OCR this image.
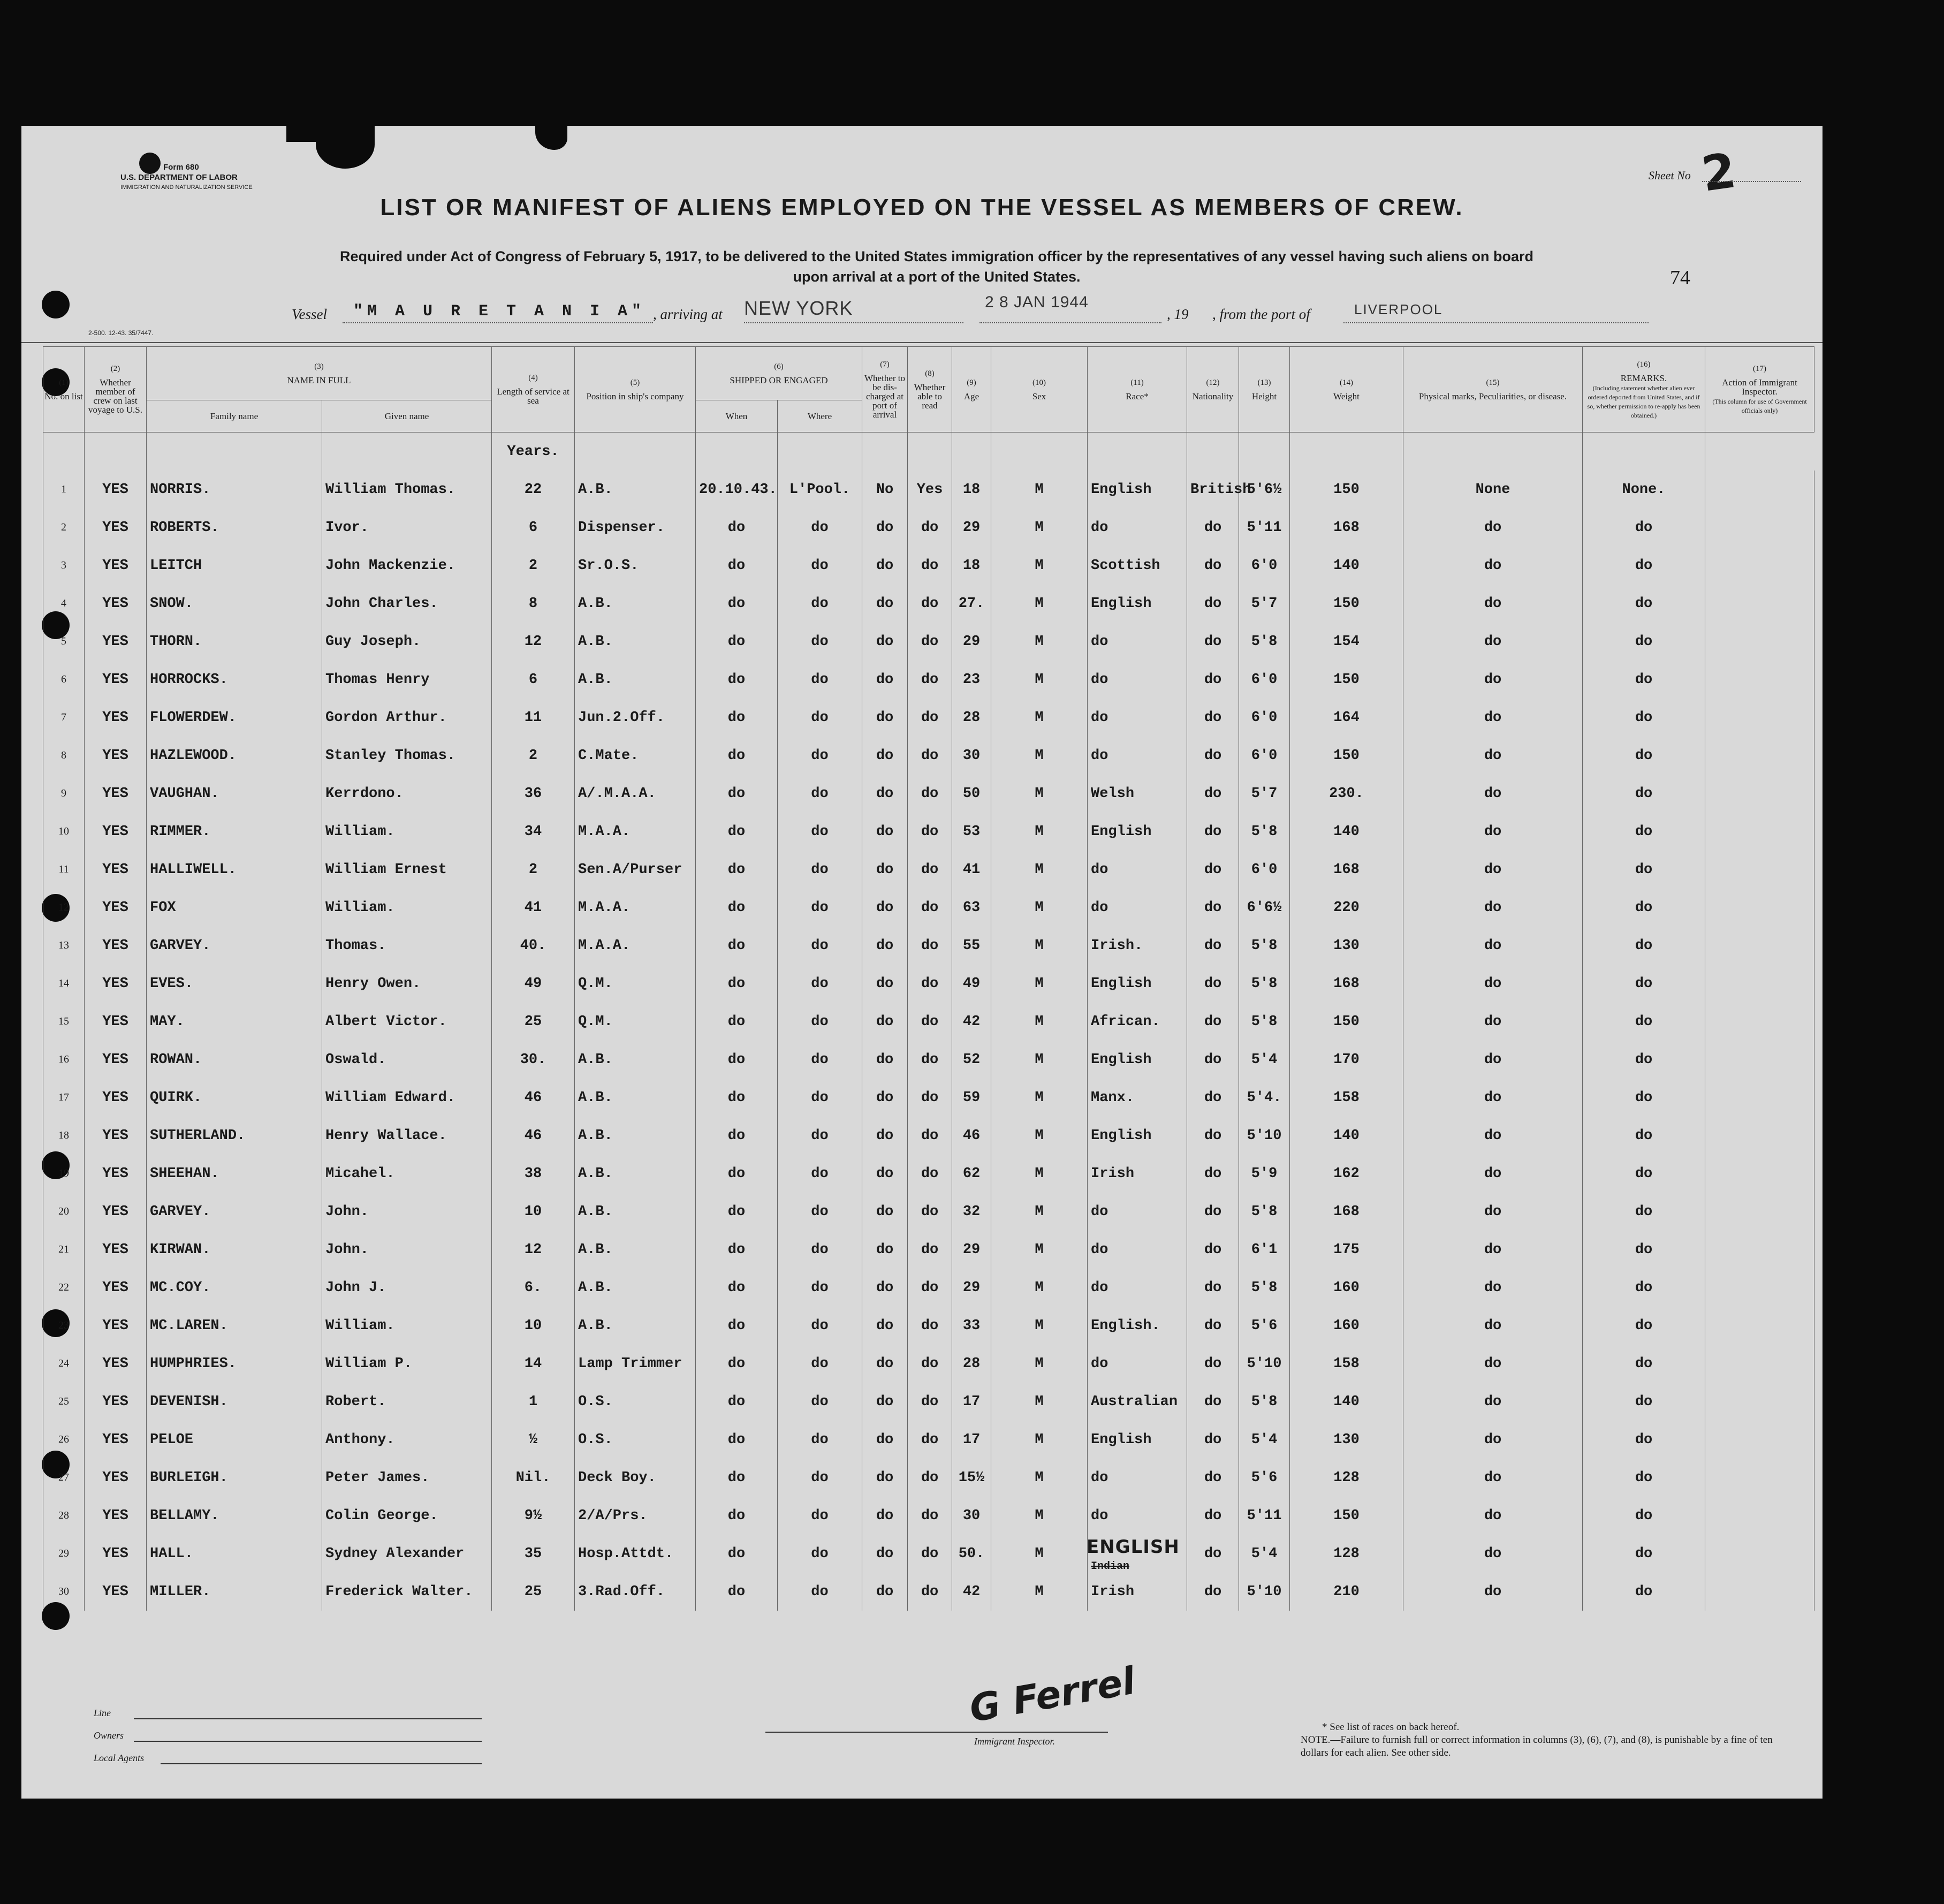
Form 680
U.S. DEPARTMENT OF LABOR
IMMIGRATION AND NATURALIZATION SERVICE
Sheet No 2
LIST OR MANIFEST OF ALIENS EMPLOYED ON THE VESSEL AS MEMBERS OF CREW.
Required under Act of Congress of February 5, 1917, to be delivered to the United States immigration officer by the representatives of any vessel having such aliens on board
upon arrival at a port of the United States.	74
Vessel "M A U R E T A N I A" , arriving at NEW YORK	2 8 JAN 1944
, 19 , from the port of	LIVERPOOL
2-500. 12-43. 35/7447.
(1)
No. on list	(2)
Whether member of crew on last voyage to U.S.	(3)
NAME IN FULL		(4)
Length of service at sea	(5)
Position in ship's company	(6)
SHIPPED OR ENGAGED		(7)
Whether to be dis-charged at port of arrival	(8)
Whether able to read	(9)
Age	(10)
Sex	(11)
Race*	(12)
Nationality	(13)
Height	(14)
Weight	(15)
Physical marks, Peculiarities, or disease.	(16)
REMARKS.
(Including statement whether alien ever ordered deported from United States, and if so, whether permission to re-apply has been obtained.)	(17)
Action of Immigrant Inspector.
(This column for use of Government officials only)
		Family name	Given name			When	Where											
				Years.														
1	YES	NORRIS.	William Thomas.	22	A.B.	20.10.43.	L'Pool.	No	Yes	18	M	English	British	5'6½	150	None	None.	
2	YES	ROBERTS.	Ivor.	6	Dispenser.	do	do	do	do	29	M	do	do	5'11	168	do	do	
3	YES	LEITCH	John Mackenzie.	2	Sr.O.S.	do	do	do	do	18	M	Scottish	do	6'0	140	do	do	
4	YES	SNOW.	John Charles.	8	A.B.	do	do	do	do	27.	M	English	do	5'7	150	do	do	
5	YES	THORN.	Guy Joseph.	12	A.B.	do	do	do	do	29	M	do	do	5'8	154	do	do	
6	YES	HORROCKS.	Thomas Henry	6	A.B.	do	do	do	do	23	M	do	do	6'0	150	do	do	
7	YES	FLOWERDEW.	Gordon Arthur.	11	Jun.2.Off.	do	do	do	do	28	M	do	do	6'0	164	do	do	
8	YES	HAZLEWOOD.	Stanley Thomas.	2	C.Mate.	do	do	do	do	30	M	do	do	6'0	150	do	do	
9	YES	VAUGHAN.	Kerrdono.	36	A/.M.A.A.	do	do	do	do	50	M	Welsh	do	5'7	230.	do	do	
10	YES	RIMMER.	William.	34	M.A.A.	do	do	do	do	53	M	English	do	5'8	140	do	do	
11	YES	HALLIWELL.	William Ernest	2	Sen.A/Purser	do	do	do	do	41	M	do	do	6'0	168	do	do	
12	YES	FOX	William.	41	M.A.A.	do	do	do	do	63	M	do	do	6'6½	220	do	do	
13	YES	GARVEY.	Thomas.	40.	M.A.A.	do	do	do	do	55	M	Irish.	do	5'8	130	do	do	
14	YES	EVES.	Henry Owen.	49	Q.M.	do	do	do	do	49	M	English	do	5'8	168	do	do	
15	YES	MAY.	Albert Victor.	25	Q.M.	do	do	do	do	42	M	African.	do	5'8	150	do	do	
16	YES	ROWAN.	Oswald.	30.	A.B.	do	do	do	do	52	M	English	do	5'4	170	do	do	
17	YES	QUIRK.	William Edward.	46	A.B.	do	do	do	do	59	M	Manx.	do	5'4.	158	do	do	
18	YES	SUTHERLAND.	Henry Wallace.	46	A.B.	do	do	do	do	46	M	English	do	5'10	140	do	do	
19	YES	SHEEHAN.	Micahel.	38	A.B.	do	do	do	do	62	M	Irish	do	5'9	162	do	do	
20	YES	GARVEY.	John.	10	A.B.	do	do	do	do	32	M	do	do	5'8	168	do	do	
21	YES	KIRWAN.	John.	12	A.B.	do	do	do	do	29	M	do	do	6'1	175	do	do	
22	YES	MC.COY.	John J.	6.	A.B.	do	do	do	do	29	M	do	do	5'8	160	do	do	
23	YES	MC.LAREN.	William.	10	A.B.	do	do	do	do	33	M	English.	do	5'6	160	do	do	
24	YES	HUMPHRIES.	William P.	14	Lamp Trimmer	do	do	do	do	28	M	do	do	5'10	158	do	do	
25	YES	DEVENISH.	Robert.	1	O.S.	do	do	do	do	17	M	Australian	do	5'8	140	do	do	
26	YES	PELOE	Anthony.	½	O.S.	do	do	do	do	17	M	English	do	5'4	130	do	do	
27	YES	BURLEIGH.	Peter James.	Nil.	Deck Boy.	do	do	do	do	15½	M	do	do	5'6	128	do	do	
28	YES	BELLAMY.	Colin George.	9½	2/A/Prs.	do	do	do	do	30	M	do	do	5'11	150	do	do	
29	YES	HALL.	Sydney Alexander	35	Hosp.Attdt.	do	do	do	do	50.	M	Indian	do	5'4	128	do	do	
30	YES	MILLER.	Frederick Walter.	25	3.Rad.Off.	do	do	do	do	42	M	Irish	do	5'10	210	do	do	
ENGLISH
Line
Owners
Local Agents
G Ferrel
Immigrant Inspector.
* See list of races on back hereof.
NOTE.—Failure to furnish full or correct information in columns (3), (6), (7), and (8), is punishable by a fine of ten dollars for each alien. See other side.
